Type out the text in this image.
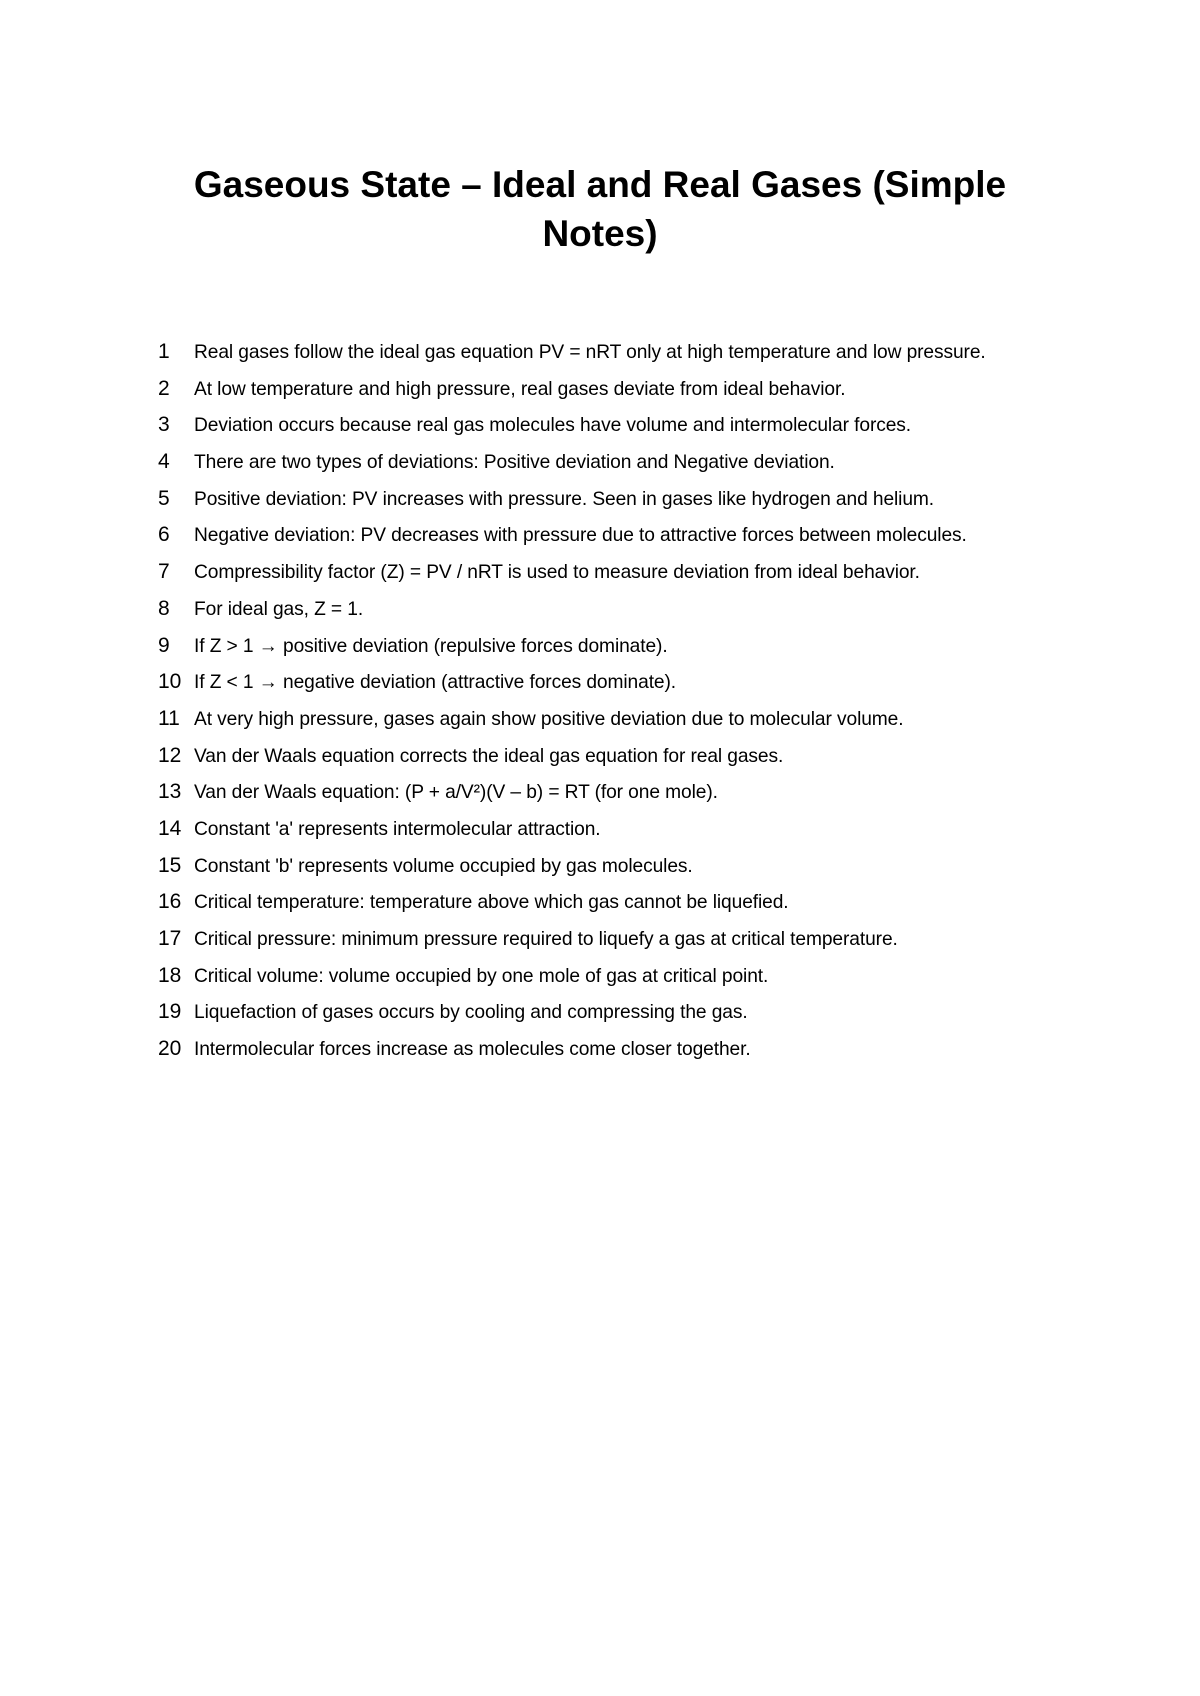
Gaseous State – Ideal and Real Gases (Simple Notes)
1	Real gases follow the ideal gas equation PV = nRT only at high temperature and low pressure.
2	At low temperature and high pressure, real gases deviate from ideal behavior.
3	Deviation occurs because real gas molecules have volume and intermolecular forces.
4	There are two types of deviations: Positive deviation and Negative deviation.
5	Positive deviation: PV increases with pressure. Seen in gases like hydrogen and helium.
6	Negative deviation: PV decreases with pressure due to attractive forces between molecules.
7	Compressibility factor (Z) = PV / nRT is used to measure deviation from ideal behavior.
8	For ideal gas, Z = 1.
9	If Z > 1 → positive deviation (repulsive forces dominate).
10 If Z < 1 → negative deviation (attractive forces dominate).
11 At very high pressure, gases again show positive deviation due to molecular volume.
12 Van der Waals equation corrects the ideal gas equation for real gases.
13 Van der Waals equation: (P + a/V²)(V – b) = RT (for one mole).
14 Constant 'a' represents intermolecular attraction.
15 Constant 'b' represents volume occupied by gas molecules.
16 Critical temperature: temperature above which gas cannot be liquefied.
17 Critical pressure: minimum pressure required to liquefy a gas at critical temperature.
18 Critical volume: volume occupied by one mole of gas at critical point.
19 Liquefaction of gases occurs by cooling and compressing the gas.
20 Intermolecular forces increase as molecules come closer together.
